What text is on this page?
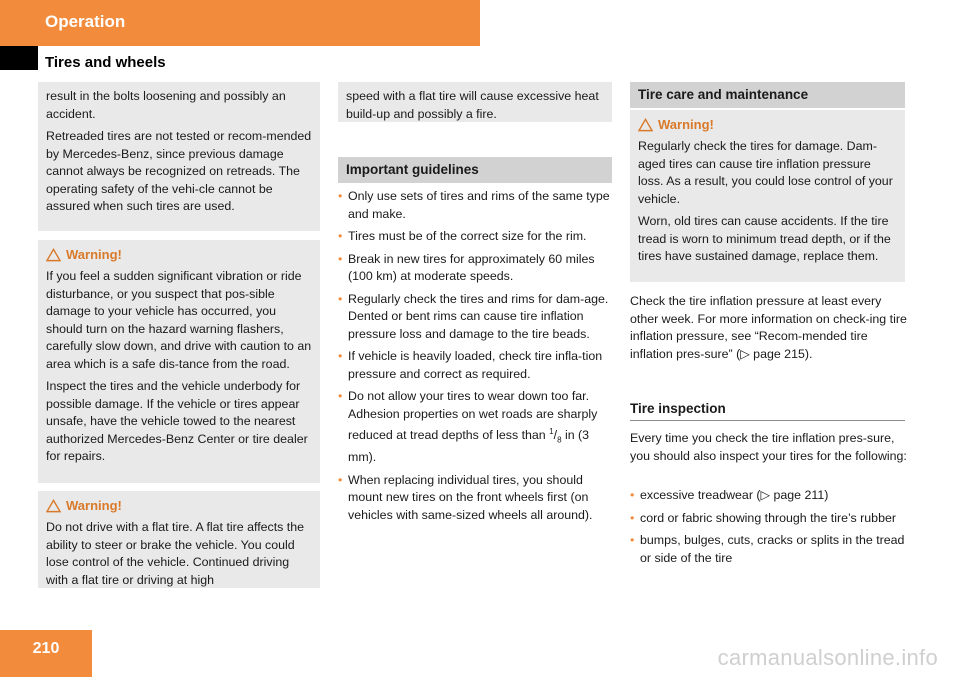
Operation
Tires and wheels

result in the bolts loosening and possibly an accident.

Retreaded tires are not tested or recom-mended by Mercedes-Benz, since previous damage cannot always be recognized on retreads. The operating safety of the vehi-cle cannot be assured when such tires are used.

Warning!

If you feel a sudden significant vibration or ride disturbance, or you suspect that pos-sible damage to your vehicle has occurred, you should turn on the hazard warning flashers, carefully slow down, and drive with caution to an area which is a safe dis-tance from the road.

Inspect the tires and the vehicle underbody for possible damage. If the vehicle or tires appear unsafe, have the vehicle towed to the nearest authorized Mercedes-Benz Center or tire dealer for repairs.

Warning!

Do not drive with a flat tire. A flat tire affects the ability to steer or brake the vehicle. You could lose control of the vehicle. Continued driving with a flat tire or driving at high

speed with a flat tire will cause excessive heat build-up and possibly a fire.

Important guidelines
• Only use sets of tires and rims of the same type and make.
• Tires must be of the correct size for the rim.
• Break in new tires for approximately 60 miles (100 km) at moderate speeds.
• Regularly check the tires and rims for dam-age. Dented or bent rims can cause tire inflation pressure loss and damage to the tire beads.
• If vehicle is heavily loaded, check tire infla-tion pressure and correct as required.
• Do not allow your tires to wear down too far. Adhesion properties on wet roads are sharply reduced at tread depths of less than $^1/_8$ in (3 mm).
• When replacing individual tires, you should mount new tires on the front wheels first (on vehicles with same-sized wheels all around).
Tire care and maintenance
Warning!

Regularly check the tires for damage. Dam-aged tires can cause tire inflation pressure loss. As a result, you could lose control of your vehicle.

Worn, old tires can cause accidents. If the tire tread is worn to minimum tread depth, or if the tires have sustained damage, replace them.

Check the tire inflation pressure at least every other week. For more information on check-ing tire inflation pressure, see “Recom-mended tire inflation pres-sure” (▷ page 215).
Tire inspection
Every time you check the tire inflation pres-sure, you should also inspect your tires for the following:
• excessive treadwear (▷ page 211)
• cord or fabric showing through the tire’s rubber
• bumps, bulges, cuts, cracks or splits in the tread or side of the tire
210	carmanualsonline.info
